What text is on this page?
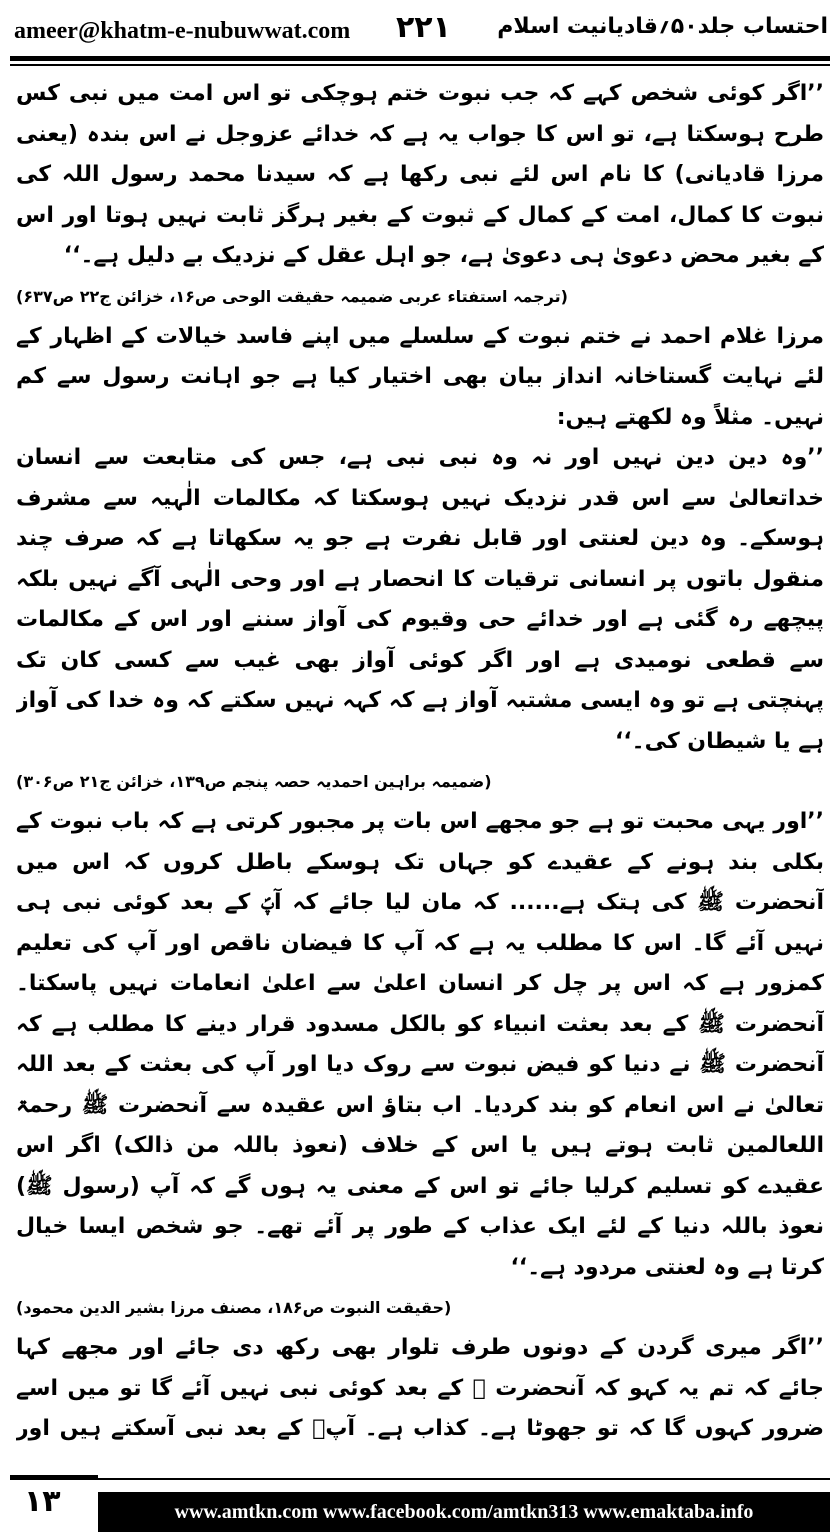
ameer@khatm-e-nubuwwat.com ۲۲۱ احتساب جلد۵۰؍قادیانیت اسلام

’’اگر کوئی شخص کہے کہ جب نبوت ختم ہوچکی تو اس امت میں نبی کس طرح ہوسکتا ہے، تو اس کا جواب یہ ہے کہ خدائے عزوجل نے اس بندہ (یعنی مرزا قادیانی) کا نام اس لئے نبی رکھا ہے کہ سیدنا محمد رسول اللہ کی نبوت کا کمال، امت کے کمال کے ثبوت کے بغیر ہرگز ثابت نہیں ہوتا اور اس کے بغیر محض دعویٰ ہی دعویٰ ہے، جو اہل عقل کے نزدیک بے دلیل ہے۔‘‘

(ترجمہ استفتاء عربی ضمیمہ حقیقت الوحی ص۱۶، خزائن ج۲۲ ص۶۳۷)

مرزا غلام احمد نے ختم نبوت کے سلسلے میں اپنے فاسد خیالات کے اظہار کے لئے نہایت گستاخانہ انداز بیان بھی اختیار کیا ہے جو اہانت رسول سے کم نہیں۔ مثلاً وہ لکھتے ہیں:

’’وہ دین دین نہیں اور نہ وہ نبی نبی ہے، جس کی متابعت سے انسان خداتعالیٰ سے اس قدر نزدیک نہیں ہوسکتا کہ مکالمات الٰہیہ سے مشرف ہوسکے۔ وہ دین لعنتی اور قابل نفرت ہے جو یہ سکھاتا ہے کہ صرف چند منقول باتوں پر انسانی ترقیات کا انحصار ہے اور وحی الٰہی آگے نہیں بلکہ پیچھے رہ گئی ہے اور خدائے حی وقیوم کی آواز سننے اور اس کے مکالمات سے قطعی نومیدی ہے اور اگر کوئی آواز بھی غیب سے کسی کان تک پہنچتی ہے تو وہ ایسی مشتبہ آواز ہے کہ کہہ نہیں سکتے کہ وہ خدا کی آواز ہے یا شیطان کی۔‘‘

(ضمیمہ براہین احمدیہ حصہ پنجم ص۱۳۹، خزائن ج۲۱ ص۳۰۶)

’’اور یہی محبت تو ہے جو مجھے اس بات پر مجبور کرتی ہے کہ باب نبوت کے بکلی بند ہونے کے عقیدے کو جہاں تک ہوسکے باطل کروں کہ اس میں آنحضرت ﷺ کی ہتک ہے...... کہ مان لیا جائے کہ آپؐ کے بعد کوئی نبی ہی نہیں آئے گا۔ اس کا مطلب یہ ہے کہ آپ کا فیضان ناقص اور آپ کی تعلیم کمزور ہے کہ اس پر چل کر انسان اعلیٰ سے اعلیٰ انعامات نہیں پاسکتا۔ آنحضرت ﷺ کے بعد بعثت انبیاء کو بالکل مسدود قرار دینے کا مطلب ہے کہ آنحضرت ﷺ نے دنیا کو فیض نبوت سے روک دیا اور آپ کی بعثت کے بعد اللہ تعالیٰ نے اس انعام کو بند کردیا۔ اب بتاؤ اس عقیدہ سے آنحضرت ﷺ رحمۃ اللعالمین ثابت ہوتے ہیں یا اس کے خلاف (نعوذ باللہ من ذالک) اگر اس عقیدے کو تسلیم کرلیا جائے تو اس کے معنی یہ ہوں گے کہ آپ (رسول ﷺ) نعوذ باللہ دنیا کے لئے ایک عذاب کے طور پر آئے تھے۔ جو شخص ایسا خیال کرتا ہے وہ لعنتی مردود ہے۔‘‘

(حقیقت النبوت ص۱۸۶، مصنف مرزا بشیر الدین محمود)

’’اگر میری گردن کے دونوں طرف تلوار بھی رکھ دی جائے اور مجھے کہا جائے کہ تم یہ کہو کہ آنحضرت ﷺ کے بعد کوئی نبی نہیں آئے گا تو میں اسے ضرور کہوں گا کہ تو جھوٹا ہے۔ کذاب ہے۔ آپؐ کے بعد نبی آسکتے ہیں اور

۱۳	www.amtkn.com www.facebook.com/amtkn313 www.emaktaba.info
